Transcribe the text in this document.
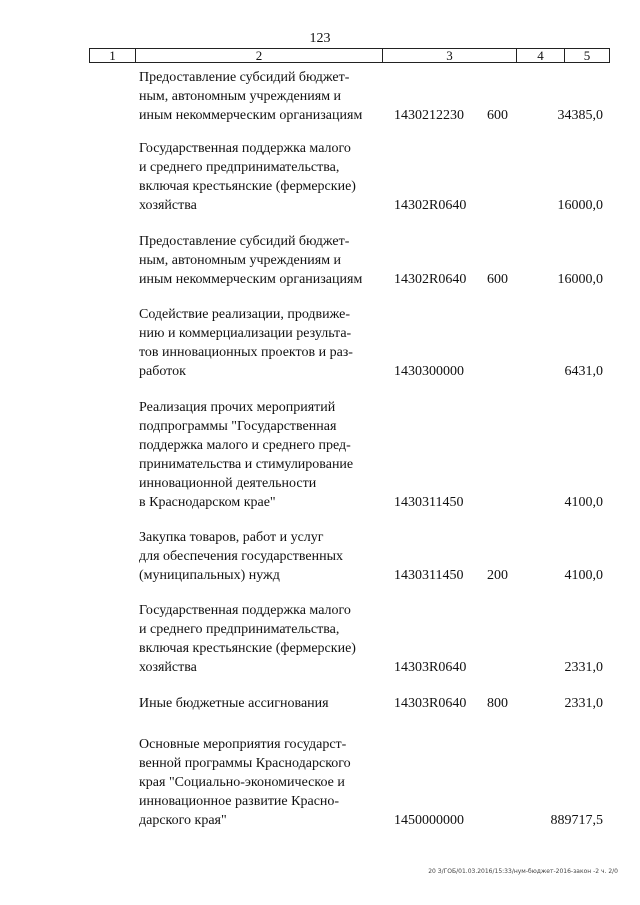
123
1	2	3	4	5
Предоставление субсидий бюджет-
ным, автономным учреждениям и
иным некоммерческим организациям	1430212230 600	34385,0
Государственная поддержка малого
и среднего предпринимательства,
включая крестьянские (фермерские)
хозяйства	14302R0640	16000,0
Предоставление субсидий бюджет-
ным, автономным учреждениям и
иным некоммерческим организациям	14302R0640 600	16000,0
Содействие реализации, продвиже-
нию и коммерциализации результа-
тов инновационных проектов и раз-
работок	1430300000	6431,0
Реализация прочих мероприятий
подпрограммы "Государственная
поддержка малого и среднего пред-
принимательства и стимулирование
инновационной деятельности
в Краснодарском крае"	1430311450	4100,0
Закупка товаров, работ и услуг
для обеспечения государственных
(муниципальных) нужд	1430311450 200	4100,0
Государственная поддержка малого
и среднего предпринимательства,
включая крестьянские (фермерские)
хозяйства	14303R0640	2331,0
Иные бюджетные ассигнования	14303R0640 800	2331,0
Основные мероприятия государст-
венной программы Краснодарского
края "Социально-экономическое и
инновационное развитие Красно-
дарского края"	1450000000	889717,5
20 З/ГОБ/01.03.2016/15:33/нум-бюджет-2016-закон -2 ч. 2/0
